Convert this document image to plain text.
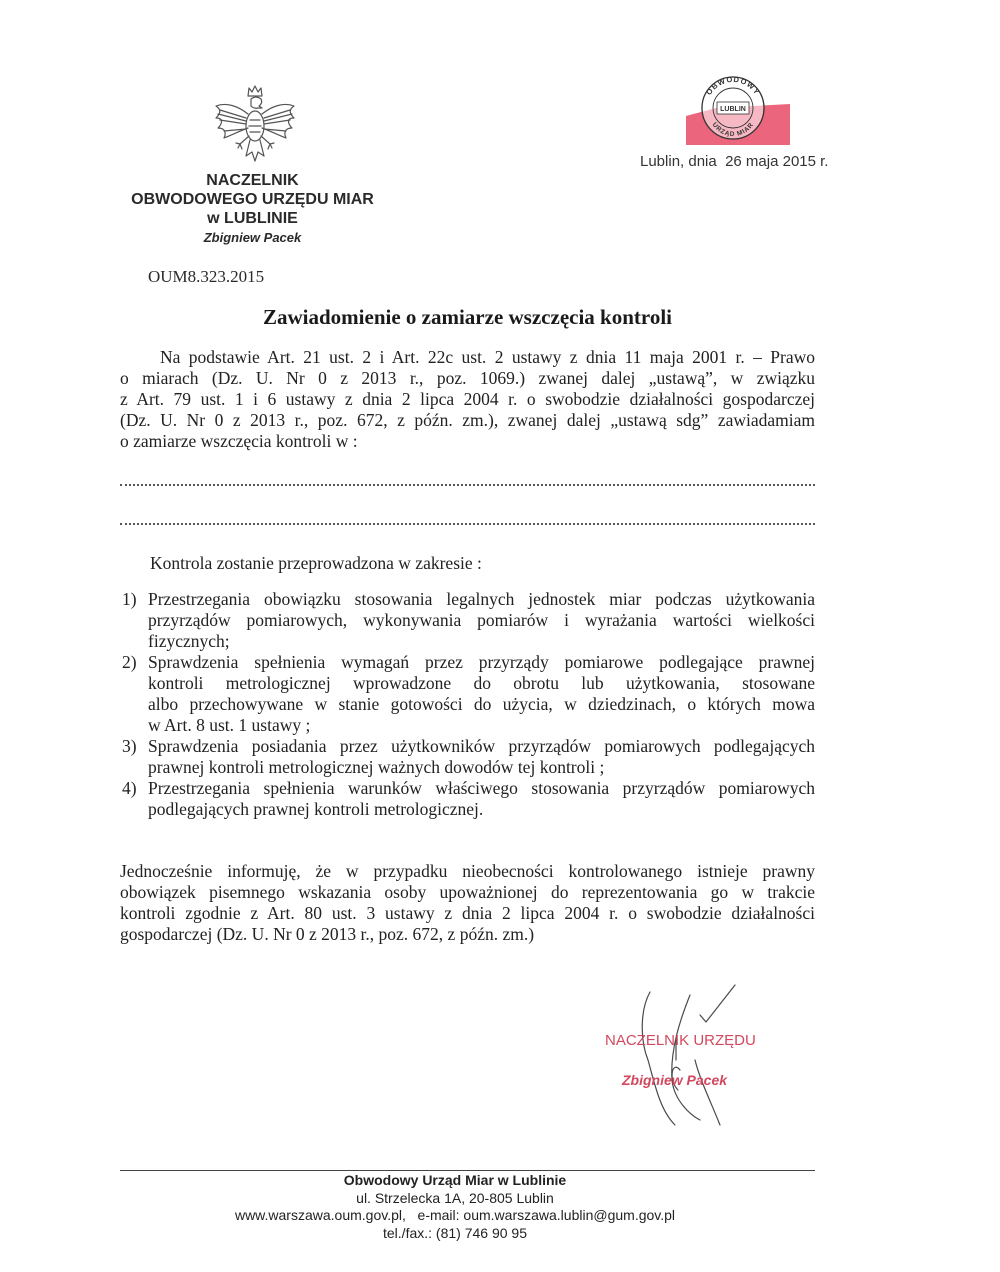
OBWODOWY
LUBLIN
URZĄD MIAR
Lublin, dnia  26 maja 2015 r.
NACZELNIK
OBWODOWEGO URZĘDU MIAR
w LUBLINIE
Zbigniew Pacek
OUM8.323.2015
Zawiadomienie o zamiarze wszczęcia kontroli
Na podstawie Art. 21 ust. 2 i Art. 22c ust. 2 ustawy z dnia 11 maja 2001 r. – Prawo
o miarach (Dz. U. Nr 0 z 2013 r., poz. 1069.) zwanej dalej „ustawą”, w związku
z Art. 79 ust. 1 i 6 ustawy z dnia 2 lipca 2004 r. o swobodzie działalności gospodarczej
(Dz. U. Nr 0 z 2013 r., poz. 672, z późn. zm.), zwanej dalej „ustawą sdg” zawiadamiam
o zamiarze wszczęcia kontroli w :
Kontrola zostanie przeprowadzona w zakresie :
1) Przestrzegania obowiązku stosowania legalnych jednostek miar podczas użytkowania
przyrządów pomiarowych, wykonywania pomiarów i wyrażania wartości wielkości
fizycznych;
2) Sprawdzenia spełnienia wymagań przez przyrządy pomiarowe podlegające prawnej
kontroli metrologicznej wprowadzone do obrotu lub użytkowania, stosowane
albo przechowywane w stanie gotowości do użycia, w dziedzinach, o których mowa
w Art. 8 ust. 1 ustawy ;
3) Sprawdzenia posiadania przez użytkowników przyrządów pomiarowych podlegających
prawnej kontroli metrologicznej ważnych dowodów tej kontroli ;
4) Przestrzegania spełnienia warunków właściwego stosowania przyrządów pomiarowych
podlegających prawnej kontroli metrologicznej.
Jednocześnie informuję, że w przypadku nieobecności kontrolowanego istnieje prawny
obowiązek pisemnego wskazania osoby upoważnionej do reprezentowania go w trakcie
kontroli zgodnie z Art. 80 ust. 3 ustawy z dnia 2 lipca 2004 r. o swobodzie działalności
gospodarczej (Dz. U. Nr 0 z 2013 r., poz. 672, z późn. zm.)
NACZELNIK URZĘDU
Zbigniew Pacek
Obwodowy Urząd Miar w Lublinie
ul. Strzelecka 1A, 20-805 Lublin
www.warszawa.oum.gov.pl,   e-mail: oum.warszawa.lublin@gum.gov.pl
tel./fax.: (81) 746 90 95
